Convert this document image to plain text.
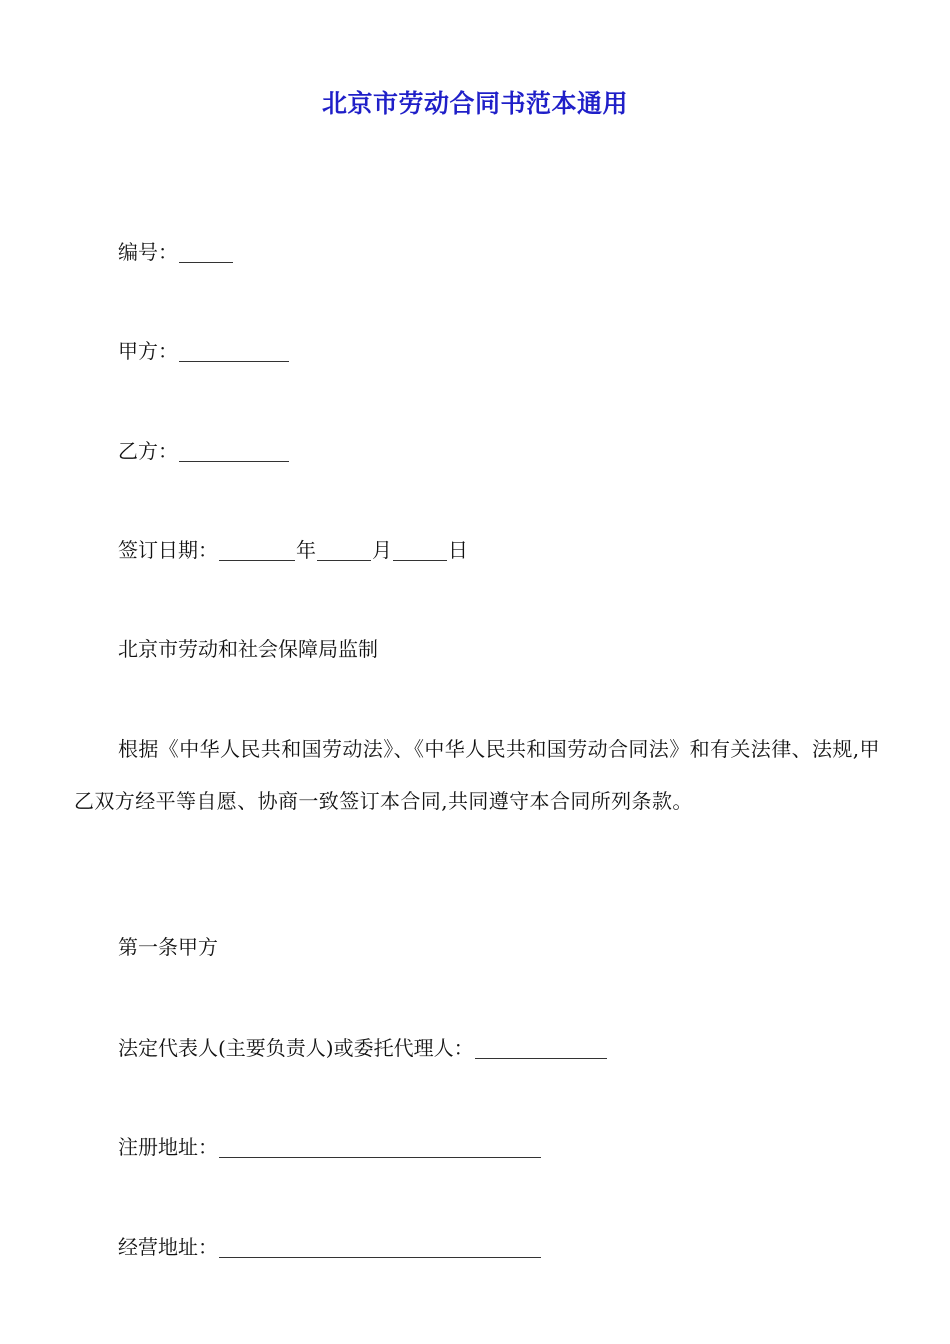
北京市劳动合同书范本通用
编号：
甲方：
乙方：
签订日期：	年	月	日
北京市劳动和社会保障局监制
根据《中华人民共和国劳动法》、《中华人民共和国劳动合同法》和有关法律、法规,甲乙双方经平等自愿、协商一致签订本合同,共同遵守本合同所列条款。
第一条甲方
法定代表人(主要负责人)或委托代理人：
注册地址：
经营地址：
